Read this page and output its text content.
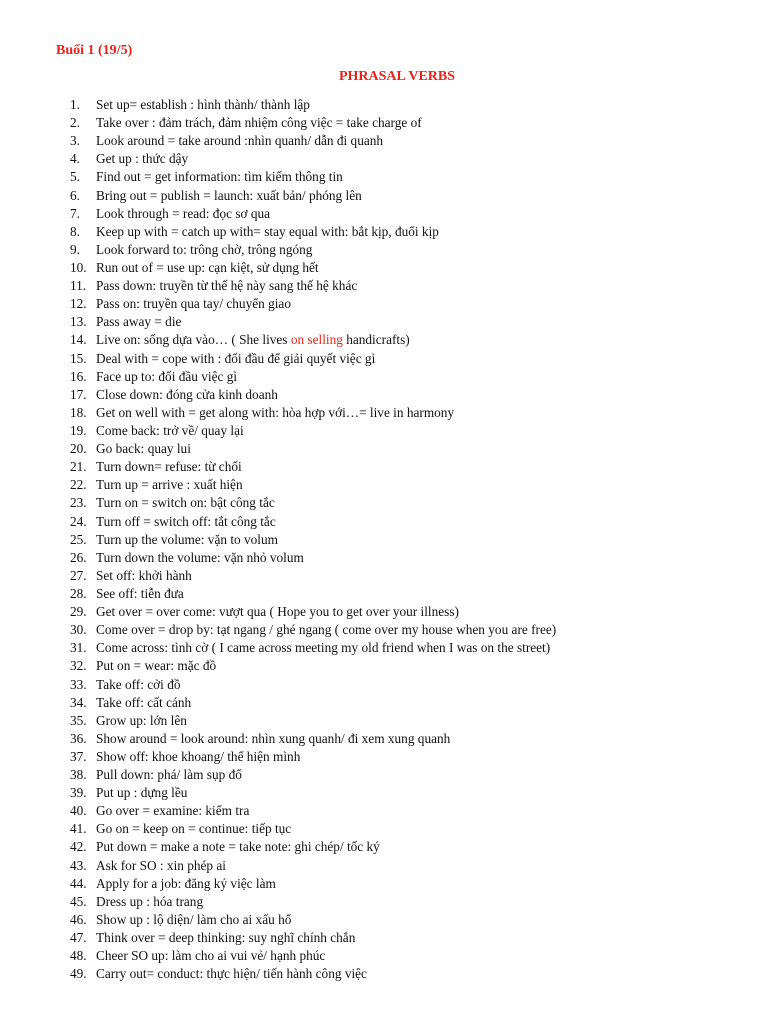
Buổi 1 (19/5)

PHRASAL VERBS
1.	Set up= establish : hình thành/ thành lập
2.	Take over : đảm trách, đảm nhiệm công việc = take charge of
3.	Look around = take around :nhìn quanh/ dẫn đi quanh
4.	Get up : thức dậy
5.	Find out = get information: tìm kiếm thông tin
6.	Bring out = publish = launch: xuất bản/ phóng lên
7.	Look through = read: đọc sơ qua
8.	Keep up with = catch up with= stay equal with: bắt kịp, đuổi kịp
9.	Look forward to: trông chờ, trông ngóng
10. Run out of = use up: cạn kiệt, sử dụng hết
11. Pass down: truyền từ thế hệ này sang thế hệ khác
12. Pass on: truyền qua tay/ chuyển giao
13. Pass away = die
14. Live on: sống dựa vào… ( She lives on selling handicrafts)
15. Deal with = cope with : đối đầu để giải quyết việc gì
16. Face up to: đối đầu việc gì
17. Close down: đóng cửa kinh doanh
18. Get on well with = get along with: hòa hợp với…= live in harmony
19. Come back: trở về/ quay lại
20. Go back: quay lui
21. Turn down= refuse: từ chối
22. Turn up = arrive : xuất hiện
23. Turn on = switch on: bật công tắc
24. Turn off = switch off: tắt công tắc
25. Turn up the volume: vặn to volum
26. Turn down the volume: vặn nhỏ volum
27. Set off: khởi hành
28. See off: tiễn đưa
29. Get over = over come: vượt qua ( Hope you to get over your illness)
30. Come over = drop by: tạt ngang / ghé ngang ( come over my house when you are free)
31. Come across: tình cờ ( I came across meeting my old friend when I was on the street)
32. Put on = wear: mặc đồ
33. Take off: cởi đồ
34. Take off: cất cánh
35. Grow up: lớn lên
36. Show around = look around: nhìn xung quanh/ đi xem xung quanh
37. Show off: khoe khoang/ thể hiện mình
38. Pull down: phá/ làm sụp đổ
39. Put up : dựng lều
40. Go over = examine: kiểm tra
41. Go on = keep on = continue: tiếp tục
42. Put down = make a note = take note: ghi chép/ tốc ký
43. Ask for SO : xin phép ai
44. Apply for a job: đăng ký việc làm
45. Dress up : hóa trang
46. Show up : lộ diện/ làm cho ai xấu hổ
47. Think over = deep thinking: suy nghĩ chính chắn
48. Cheer SO up: làm cho ai vui vẻ/ hạnh phúc
49. Carry out= conduct: thực hiện/ tiến hành công việc
